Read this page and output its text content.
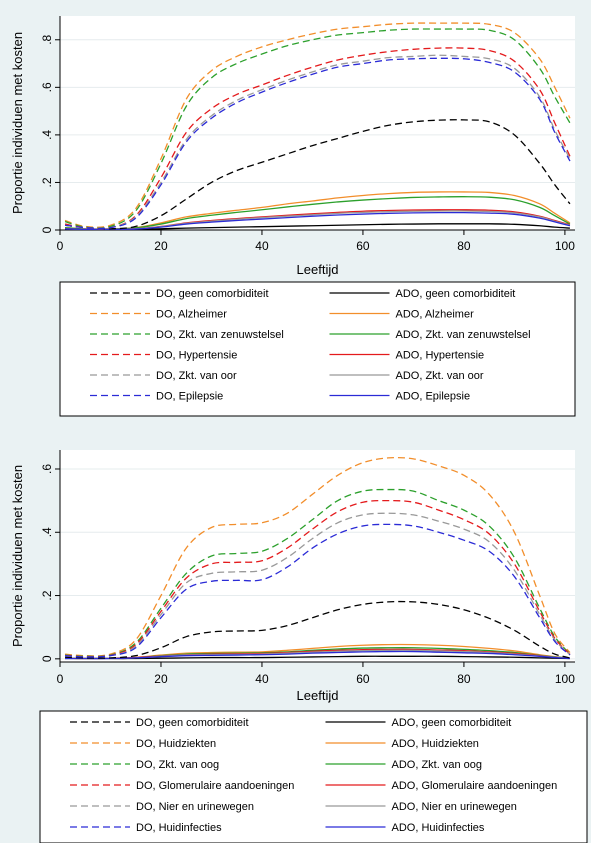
0
.2
.4
.6
.8
0	20	40	60	80	100
Leeftijd
Proportie individuen met kosten
DO, geen comorbiditeit
DO, Alzheimer
DO, Zkt. van zenuwstelsel
DO, Hypertensie
DO, Zkt. van oor
DO, Epilepsie
ADO, geen comorbiditeit
ADO, Alzheimer
ADO, Zkt. van zenuwstelsel
ADO, Hypertensie
ADO, Zkt. van oor
ADO, Epilepsie
0
.2
.4
.6
0	20	40	60	80	100
Leeftijd
Proportie individuen met kosten
DO, geen comorbiditeit
DO, Huidziekten
DO, Zkt. van oog
DO, Glomerulaire aandoeningen
DO, Nier en urinewegen
DO, Huidinfecties
ADO, geen comorbiditeit
ADO, Huidziekten
ADO, Zkt. van oog
ADO, Glomerulaire aandoeningen
ADO, Nier en urinewegen
ADO, Huidinfecties
